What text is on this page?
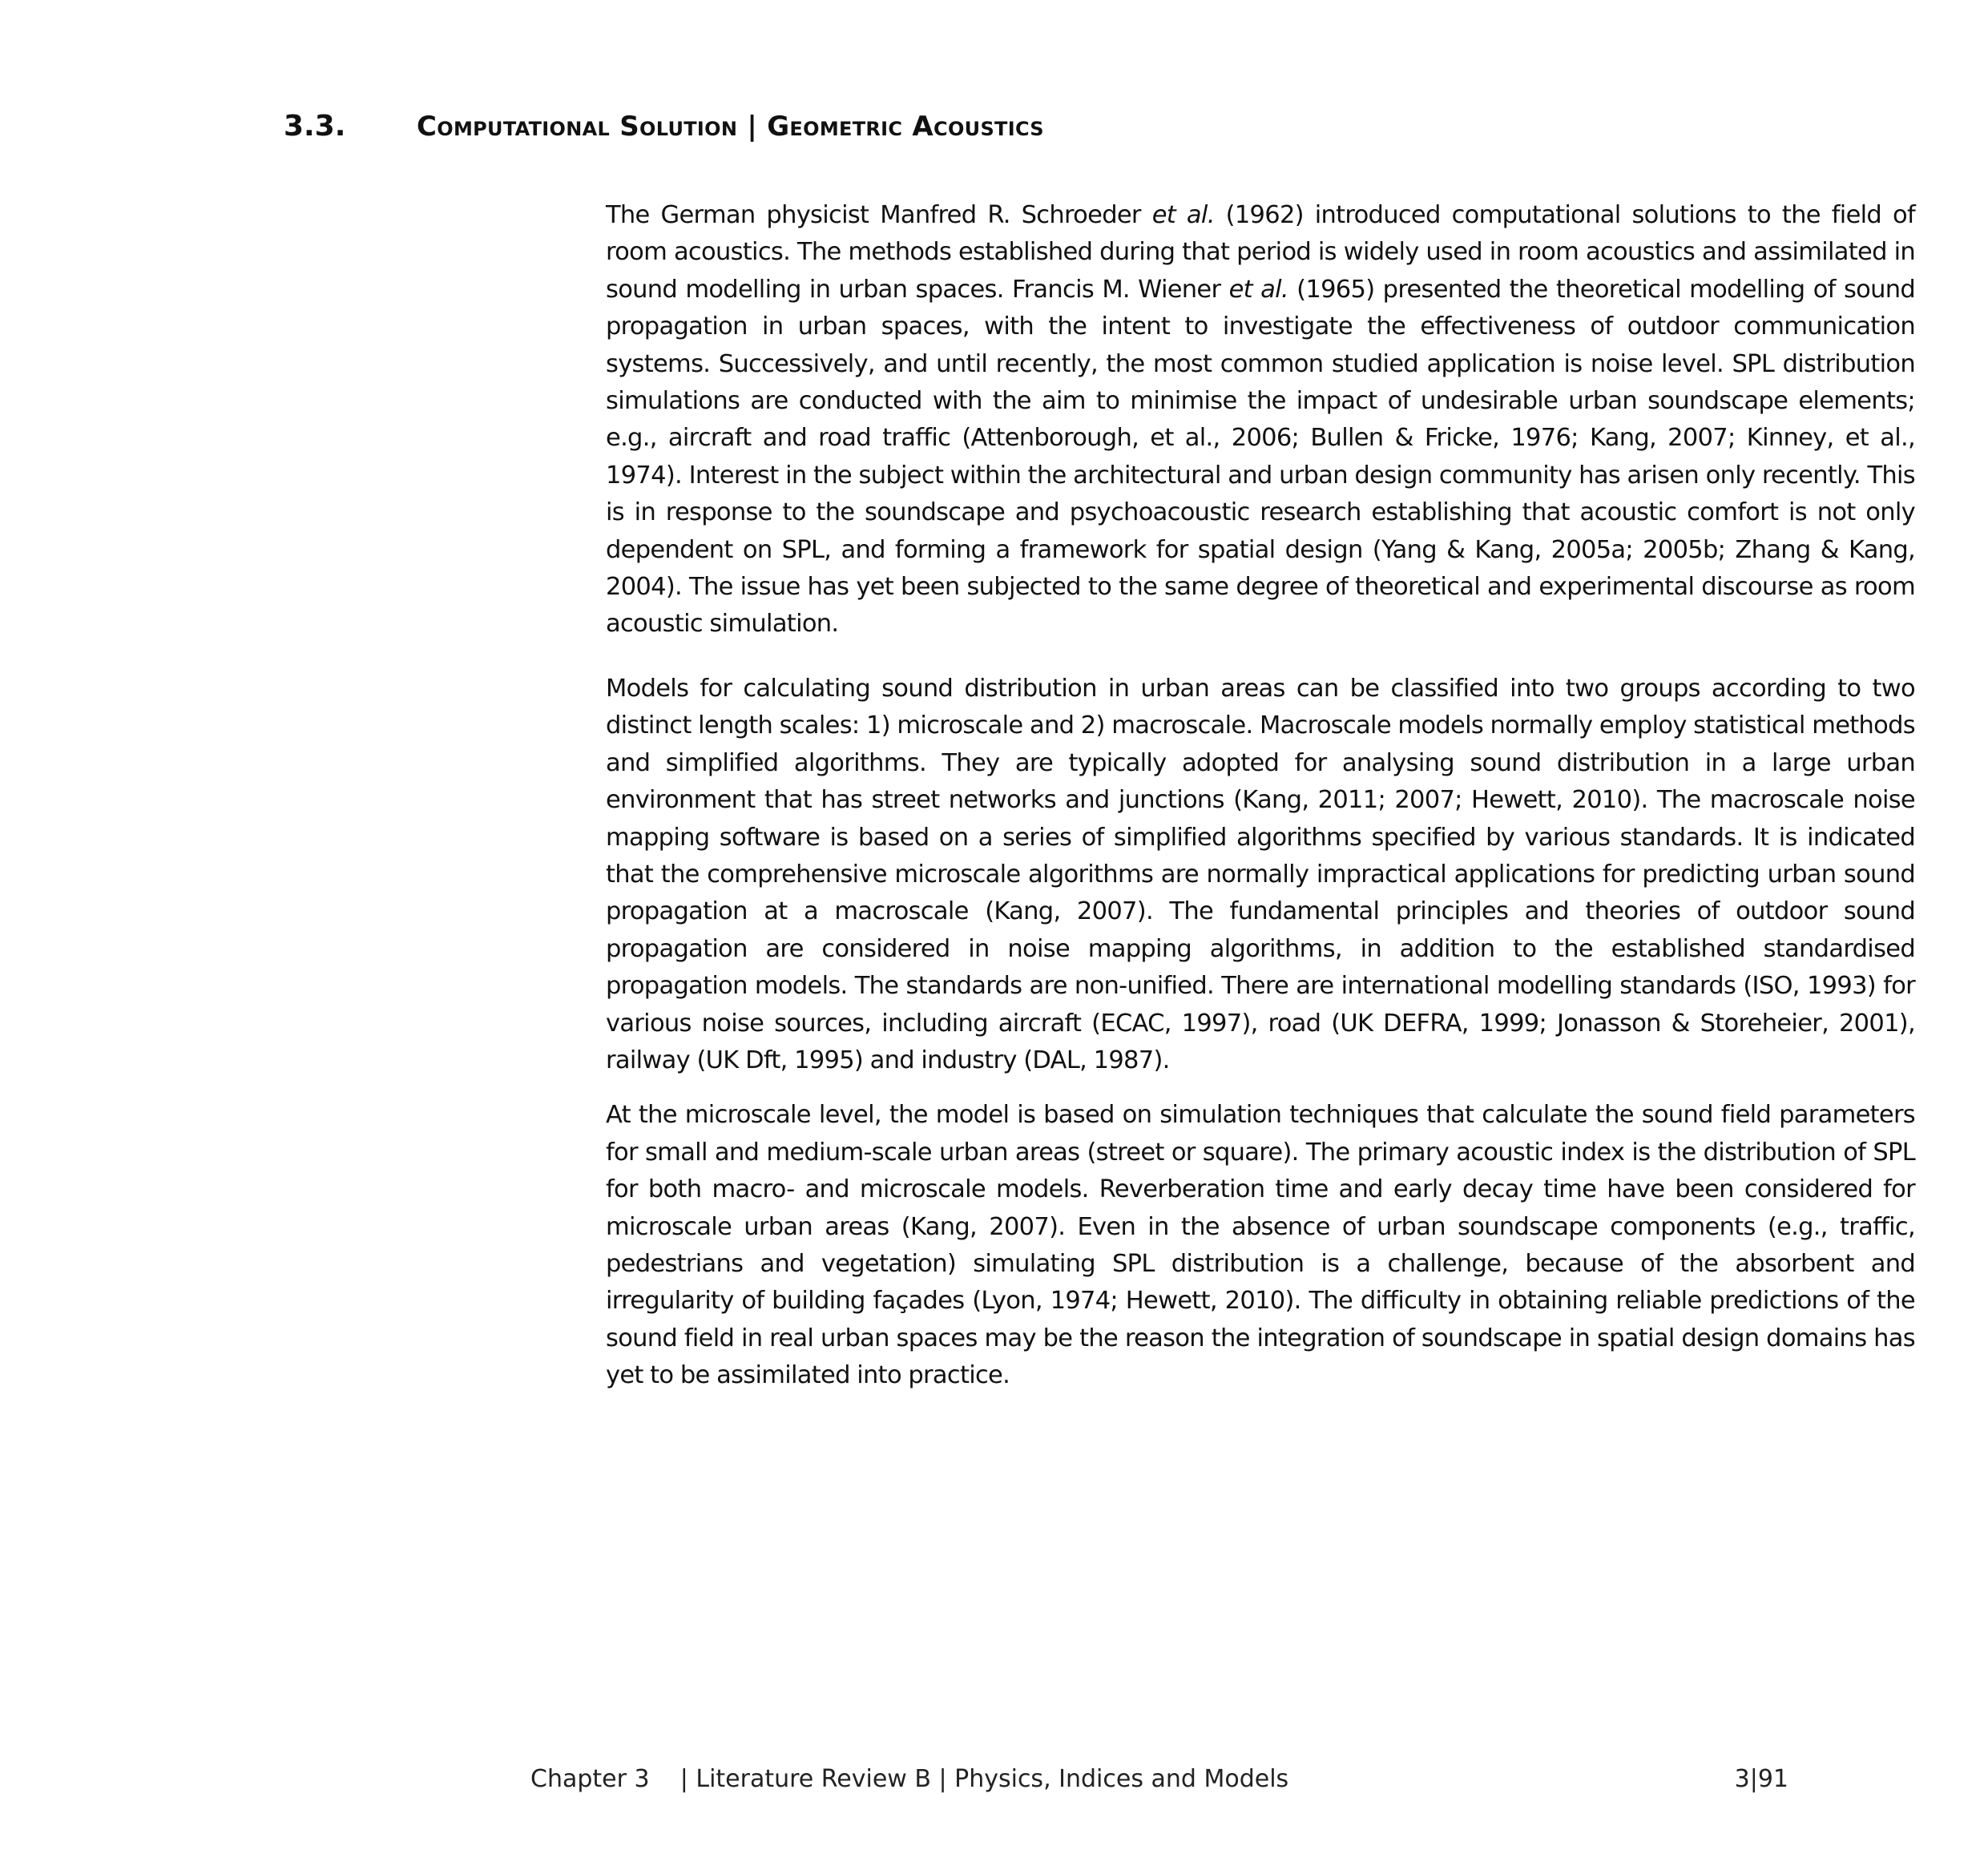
3.3.	Computational Solution | Geometric Acoustics

The German physicist Manfred R. Schroeder et al. (1962) introduced computational solutions to the field of room acoustics. The methods established during that period is widely used in room acoustics and assimilated in sound modelling in urban spaces. Francis M. Wiener et al. (1965) presented the theoretical modelling of sound propagation in urban spaces, with the intent to investigate the effectiveness of outdoor communication systems. Successively, and until recently, the most common studied application is noise level. SPL distribution simulations are conducted with the aim to minimise the impact of undesirable urban soundscape elements; e.g., aircraft and road traffic (Attenborough, et al., 2006; Bullen & Fricke, 1976; Kang, 2007; Kinney, et al., 1974). Interest in the subject within the architectural and urban design community has arisen only recently. This is in response to the soundscape and psychoacoustic research establishing that acoustic comfort is not only dependent on SPL, and forming a framework for spatial design (Yang & Kang, 2005a; 2005b; Zhang & Kang, 2004). The issue has yet been subjected to the same degree of theoretical and experimental discourse as room acoustic simulation.

Models for calculating sound distribution in urban areas can be classified into two groups according to two distinct length scales: 1) microscale and 2) macroscale. Macroscale models normally employ statistical methods and simplified algorithms. They are typically adopted for analysing sound distribution in a large urban environment that has street networks and junctions (Kang, 2011; 2007; Hewett, 2010). The macroscale noise mapping software is based on a series of simplified algorithms specified by various standards. It is indicated that the comprehensive microscale algorithms are normally impractical applications for predicting urban sound propagation at a macroscale (Kang, 2007). The fundamental principles and theories of outdoor sound propagation are considered in noise mapping algorithms, in addition to the established standardised propagation models. The standards are non-unified. There are international modelling standards (ISO, 1993) for various noise sources, including aircraft (ECAC, 1997), road (UK DEFRA, 1999; Jonasson & Storeheier, 2001), railway (UK Dft, 1995) and industry (DAL, 1987).

At the microscale level, the model is based on simulation techniques that calculate the sound field parameters for small and medium-scale urban areas (street or square). The primary acoustic index is the distribution of SPL for both macro- and microscale models. Reverberation time and early decay time have been considered for microscale urban areas (Kang, 2007). Even in the absence of urban soundscape components (e.g., traffic, pedestrians and vegetation) simulating SPL distribution is a challenge, because of the absorbent and irregularity of building façades (Lyon, 1974; Hewett, 2010). The difficulty in obtaining reliable predictions of the sound field in real urban spaces may be the reason the integration of soundscape in spatial design domains has yet to be assimilated into practice.

Chapter 3    | Literature Review B | Physics, Indices and Models	3|91
